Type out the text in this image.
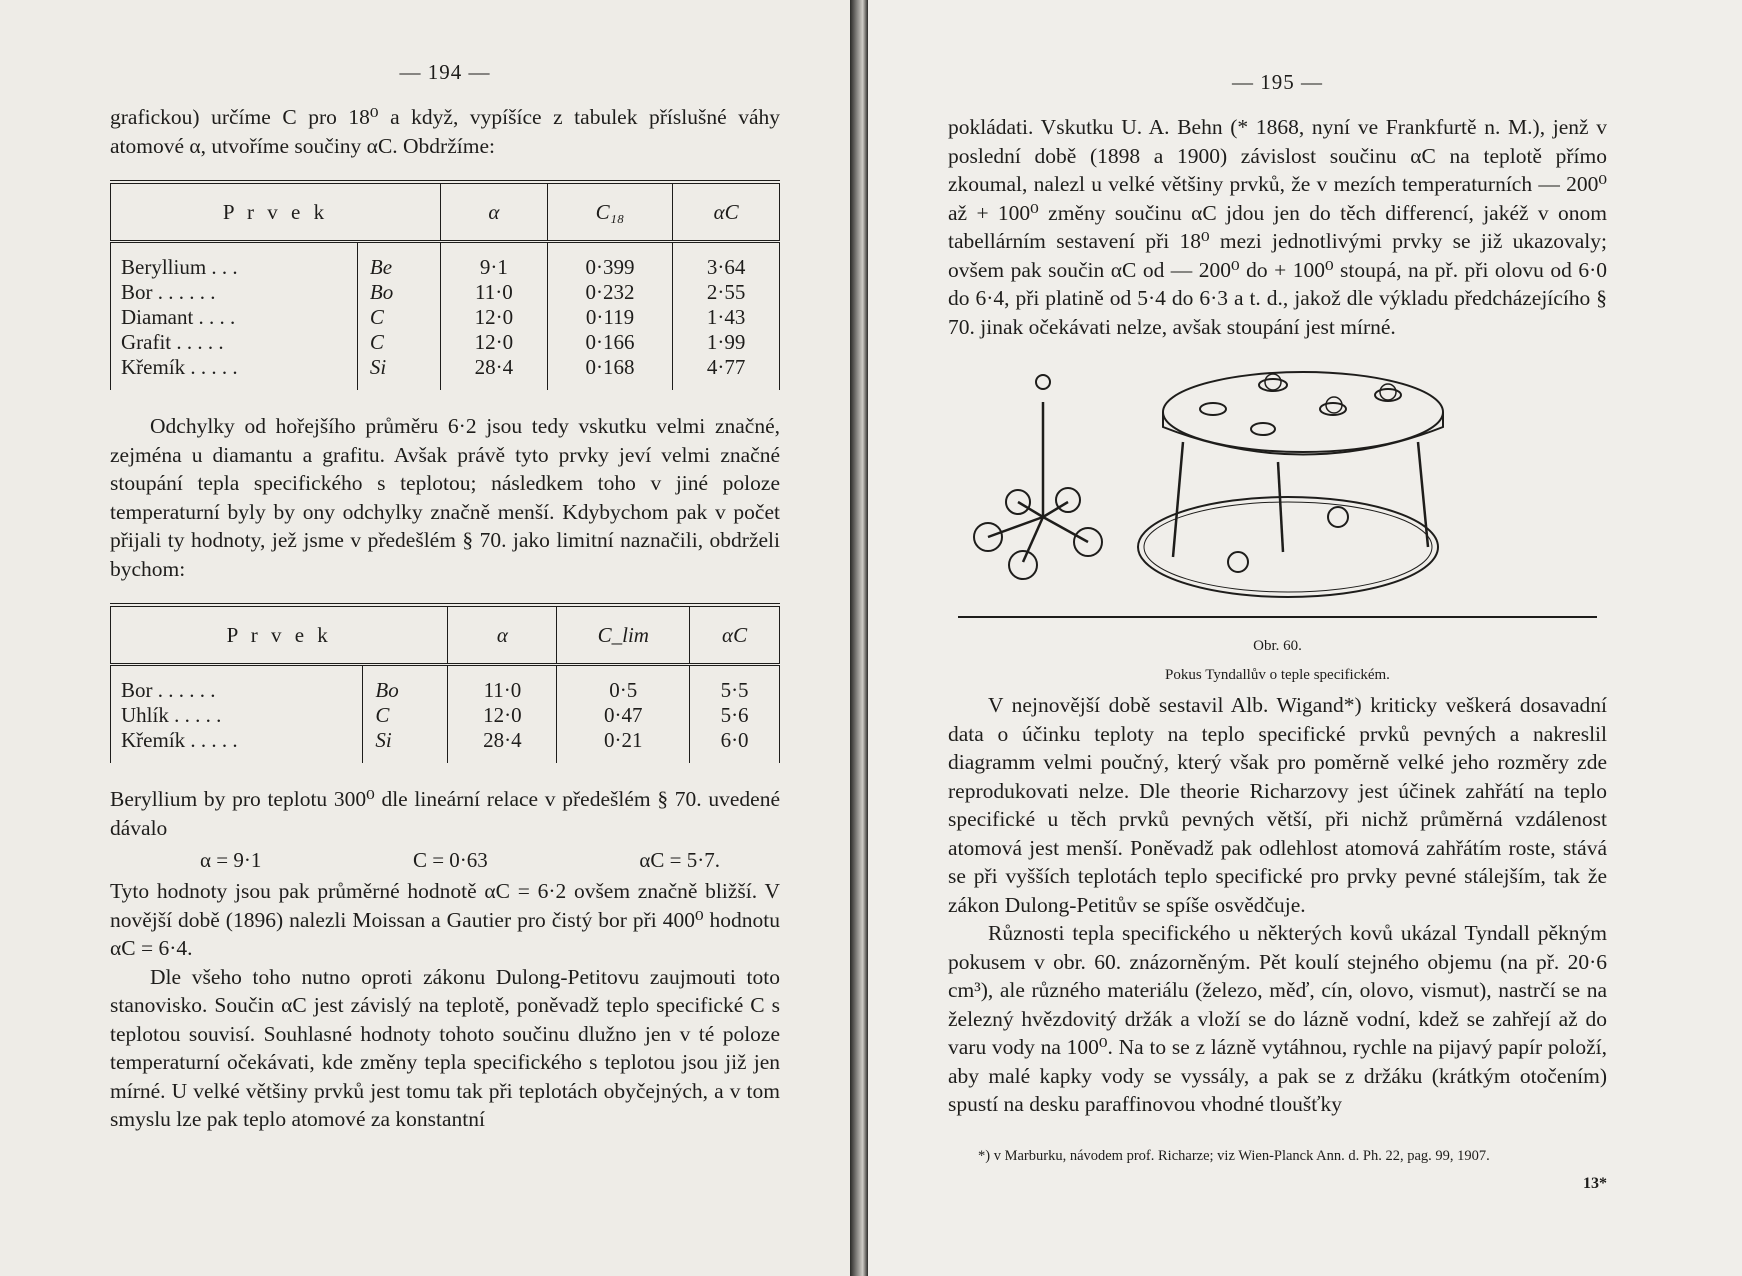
— 194 —

grafickou) určíme C pro 18⁰ a když, vypíšíce z tabulek příslušné váhy atomové α, utvoříme součiny αC. Obdržíme:

P r v e k		α	C₁₈	αC
Beryllium . . .	Be	9·1	0·399	3·64
Bor . . . . . .	Bo	11·0	0·232	2·55
Diamant . . . .	C	12·0	0·119	1·43
Grafit . . . . .	C	12·0	0·166	1·99
Křemík . . . . .	Si	28·4	0·168	4·77

Odchylky od hořejšího průměru 6·2 jsou tedy vskutku velmi značné, zejména u diamantu a grafitu. Avšak právě tyto prvky jeví velmi značné stoupání tepla specifického s teplotou; následkem toho v jiné poloze temperaturní byly by ony odchylky značně menší. Kdybychom pak v počet přijali ty hodnoty, jež jsme v předešlém § 70. jako limitní naznačili, obdrželi bychom:

P r v e k		α	C_lim	αC
Bor . . . . . .	Bo	11·0	0·5	5·5
Uhlík . . . . .	C	12·0	0·47	5·6
Křemík . . . . .	Si	28·4	0·21	6·0

Beryllium by pro teplotu 300⁰ dle lineární relace v předešlém § 70. uvedené dávalo

α = 9·1	C = 0·63	αC = 5·7.

Tyto hodnoty jsou pak průměrné hodnotě αC = 6·2 ovšem značně bližší. V novější době (1896) nalezli Moissan a Gautier pro čistý bor při 400⁰ hodnotu αC = 6·4.

Dle všeho toho nutno oproti zákonu Dulong-Petitovu zaujmouti toto stanovisko. Součin αC jest závislý na teplotě, poněvadž teplo specifické C s teplotou souvisí. Souhlasné hodnoty tohoto součinu dlužno jen v té poloze temperaturní očekávati, kde změny tepla specifického s teplotou jsou již jen mírné. U velké většiny prvků jest tomu tak při teplotách obyčejných, a v tom smyslu lze pak teplo atomové za konstantní

— 195 —

pokládati. Vskutku U. A. Behn (* 1868, nyní ve Frankfurtě n. M.), jenž v poslední době (1898 a 1900) závislost součinu αC na teplotě přímo zkoumal, nalezl u velké většiny prvků, že v mezích temperaturních — 200⁰ až + 100⁰ změny součinu αC jdou jen do těch differencí, jakéž v onom tabellárním sestavení při 18⁰ mezi jednotlivými prvky se již ukazovaly; ovšem pak součin αC od — 200⁰ do + 100⁰ stoupá, na př. při olovu od 6·0 do 6·4, při platině od 5·4 do 6·3 a t. d., jakož dle výkladu předcházejícího § 70. jinak očekávati nelze, avšak stoupání jest mírné.

Obr. 60.
Pokus Tyndallův o teple specifickém.

V nejnovější době sestavil Alb. Wigand*) kriticky veškerá dosavadní data o účinku teploty na teplo specifické prvků pevných a nakreslil diagramm velmi poučný, který však pro poměrně velké jeho rozměry zde reprodukovati nelze. Dle theorie Richarzovy jest účinek zahřátí na teplo specifické u těch prvků pevných větší, při nichž průměrná vzdálenost atomová jest menší. Poněvadž pak odlehlost atomová zahřátím roste, stává se při vyšších teplotách teplo specifické pro prvky pevné stálejším, tak že zákon Dulong-Petitův se spíše osvědčuje.

Různosti tepla specifického u některých kovů ukázal Tyndall pěkným pokusem v obr. 60. znázorněným. Pět koulí stejného objemu (na př. 20·6 cm³), ale různého materiálu (železo, měď, cín, olovo, vismut), nastrčí se na železný hvězdovitý držák a vloží se do lázně vodní, kdež se zahřejí až do varu vody na 100⁰. Na to se z lázně vytáhnou, rychle na pijavý papír položí, aby malé kapky vody se vyssály, a pak se z držáku (krátkým otočením) spustí na desku paraffinovou vhodné tloušťky

*) v Marburku, návodem prof. Richarze; viz Wien-Planck Ann. d. Ph. 22, pag. 99, 1907.
13*
